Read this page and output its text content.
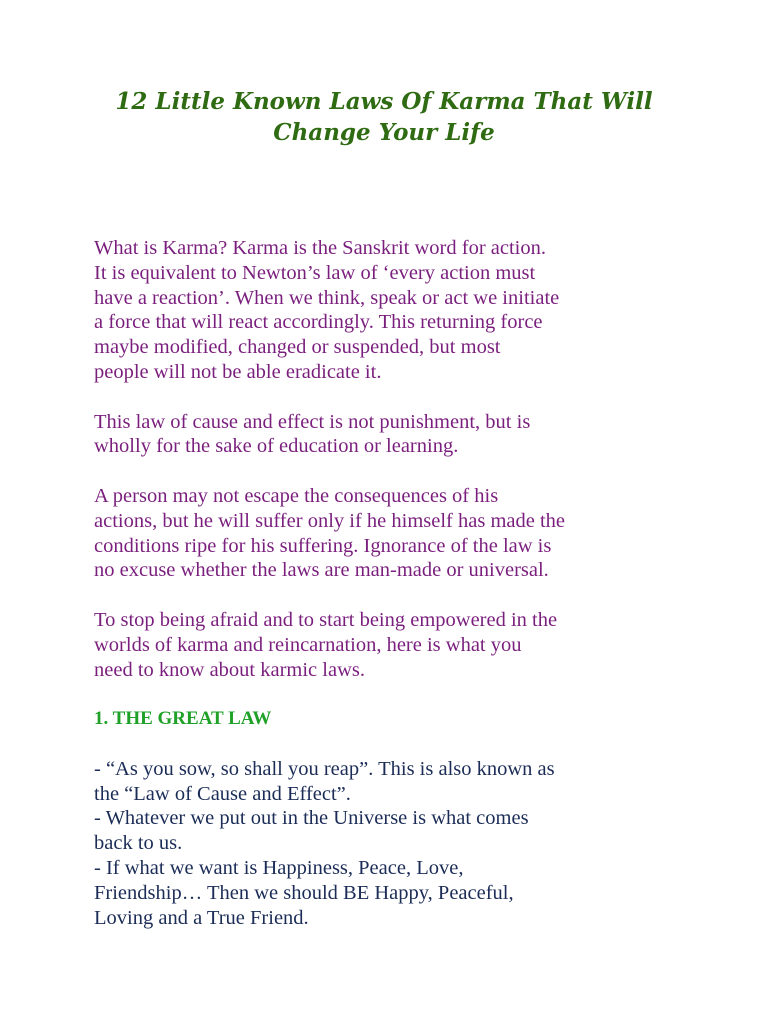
12 Little Known Laws Of Karma That Will
Change Your Life

What is Karma? Karma is the Sanskrit word for action.
It is equivalent to Newton’s law of ‘every action must
have a reaction’. When we think, speak or act we initiate
a force that will react accordingly. This returning force
maybe modified, changed or suspended, but most
people will not be able eradicate it.

This law of cause and effect is not punishment, but is
wholly for the sake of education or learning.

A person may not escape the consequences of his
actions, but he will suffer only if he himself has made the
conditions ripe for his suffering. Ignorance of the law is
no excuse whether the laws are man-made or universal.

To stop being afraid and to start being empowered in the
worlds of karma and reincarnation, here is what you
need to know about karmic laws.

1. THE GREAT LAW

- “As you sow, so shall you reap”. This is also known as
the “Law of Cause and Effect”.
- Whatever we put out in the Universe is what comes
back to us.
- If what we want is Happiness, Peace, Love,
Friendship… Then we should BE Happy, Peaceful,
Loving and a True Friend.
